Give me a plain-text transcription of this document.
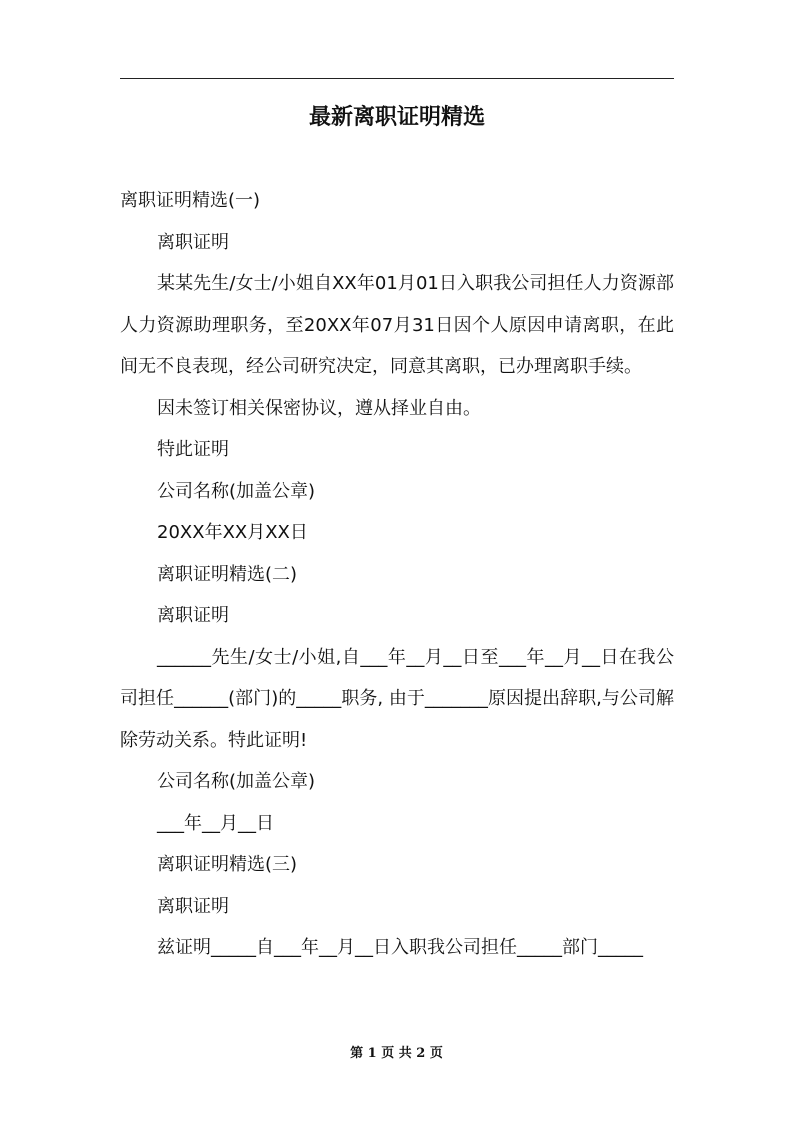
最新离职证明精选

离职证明精选(一)

离职证明

某某先生/女士/小姐自XX年01月01日入职我公司担任人力资源部人力资源助理职务，至20XX年07月31日因个人原因申请离职，在此间无不良表现，经公司研究决定，同意其离职，已办理离职手续。

因未签订相关保密协议，遵从择业自由。

特此证明

公司名称(加盖公章)

20XX年XX月XX日

离职证明精选(二)

离职证明

______先生/女士/小姐,自___年__月__日至___年__月__日在我公司担任______(部门)的_____职务, 由于_______原因提出辞职,与公司解除劳动关系。特此证明!

公司名称(加盖公章)

___年__月__日

离职证明精选(三)

离职证明

兹证明_____自___年__月__日入职我公司担任_____部门_____

第 1 页 共 2 页
